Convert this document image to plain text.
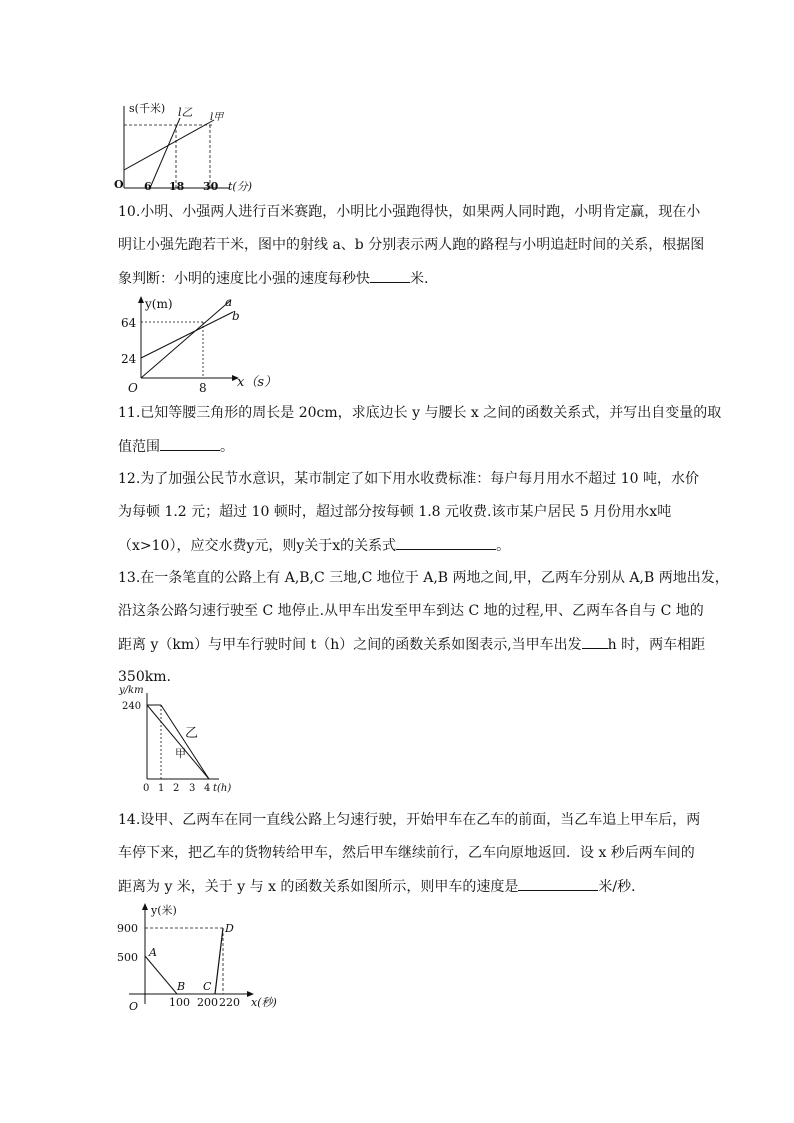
s(千米) l乙 l甲
O 6 18 30 t(分)
10.小明、小强两人进行百米赛跑，小明比小强跑得快，如果两人同时跑，小明肯定赢，现在小
明让小强先跑若干米，图中的射线 a、b 分别表示两人跑的路程与小明追赶时间的关系，根据图
象判断：小明的速度比小强的速度每秒快	米.
y(m)
64
24
O	8 x（s）
a
b
11.已知等腰三角形的周长是 20cm，求底边长 y 与腰长 x 之间的函数关系式，并写出自变量的取
值范围	。
12.为了加强公民节水意识，某市制定了如下用水收费标准：每户每月用水不超过 10 吨，水价
为每顿 1.2 元；超过 10 顿时，超过部分按每顿 1.8 元收费.该市某户居民 5 月份用水x吨
（x>10），应交水费y元，则y关于x的关系式	。
13.在一条笔直的公路上有 A,B,C 三地,C 地位于 A,B 两地之间,甲，乙两车分别从 A,B 两地出发，
沿这条公路匀速行驶至 C 地停止.从甲车出发至甲车到达 C 地的过程,甲、乙两车各自与 C 地的
距离 y（km）与甲车行驶时间 t（h）之间的函数关系如图表示,当甲车出发 h 时，两车相距
350km.
y/km
240
乙
甲
0 1 2 3 4 t(h)
14.设甲、乙两车在同一直线公路上匀速行驶，开始甲车在乙车的前面，当乙车追上甲车后，两
车停下来，把乙车的货物转给甲车，然后甲车继续前行，乙车向原地返回．设 x 秒后两车间的
距离为 y 米，关于 y 与 x 的函数关系如图所示，则甲车的速度是	米/秒．
y(米)
900
500 A
B C
D
O	100 200 220 x(秒)
